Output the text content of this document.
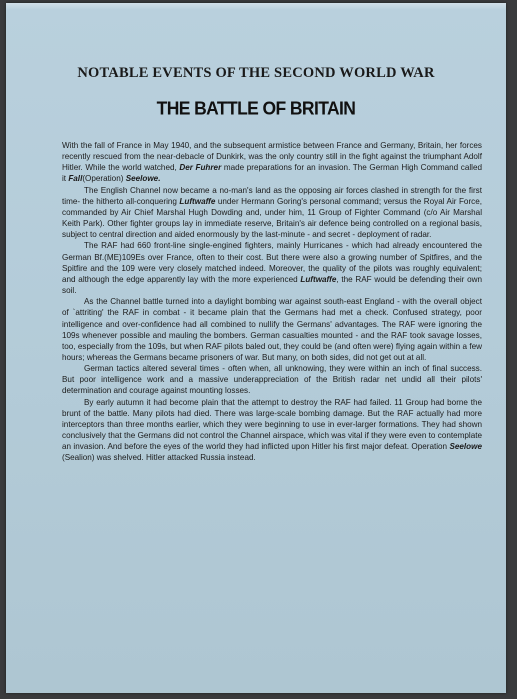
NOTABLE EVENTS OF THE SECOND WORLD WAR
THE BATTLE OF BRITAIN

With the fall of France in May 1940, and the subsequent armistice between France and Germany, Britain, her forces recently rescued from the near-debacle of Dunkirk, was the only country still in the fight against the triumphant Adolf Hitler. While the world watched, Der Fuhrer made preparations for an invasion. The German High Command called it Fall(Operation) Seelowe.

The English Channel now became a no-man's land as the opposing air forces clashed in strength for the first time- the hitherto all-conquering Luftwaffe under Hermann Goring's personal command; versus the Royal Air Force, commanded by Air Chief Marshal Hugh Dowding and, under him, 11 Group of Fighter Command (c/o Air Marshal Keith Park). Other fighter groups lay in immediate reserve, Britain's air defence being controlled on a regional basis, subject to central direction and aided enormously by the last-minute - and secret - deployment of radar.

The RAF had 660 front-line single-engined fighters, mainly Hurricanes - which had already encountered the German Bf.(ME)109Es over France, often to their cost. But there were also a growing number of Spitfires, and the Spitfire and the 109 were very closely matched indeed. Moreover, the quality of the pilots was roughly equivalent; and although the edge apparently lay with the more experienced Luftwaffe, the RAF would be defending their own soil.

As the Channel battle turned into a daylight bombing war against south-east England - with the overall object of `attriting' the RAF in combat - it became plain that the Germans had met a check. Confused strategy, poor intelligence and over-confidence had all combined to nullify the Germans' advantages. The RAF were ignoring the 109s whenever possible and mauling the bombers. German casualties mounted - and the RAF took savage losses, too, especially from the 109s, but when RAF pilots baled out, they could be (and often were) flying again within a few hours; whereas the Germans became prisoners of war. But many, on both sides, did not get out at all.

German tactics altered several times - often when, all unknowing, they were within an inch of final success. But poor intelligence work and a massive underappreciation of the British radar net undid all their pilots' determination and courage against mounting losses.

By early autumn it had become plain that the attempt to destroy the RAF had failed. 11 Group had borne the brunt of the battle. Many pilots had died. There was large-scale bombing damage. But the RAF actually had more interceptors than three months earlier, which they were beginning to use in ever-larger formations. They had shown conclusively that the Germans did not control the Channel airspace, which was vital if they were even to contemplate an invasion. And before the eyes of the world they had inflicted upon Hitler his first major defeat. Operation Seelowe (Sealion) was shelved. Hitler attacked Russia instead.
